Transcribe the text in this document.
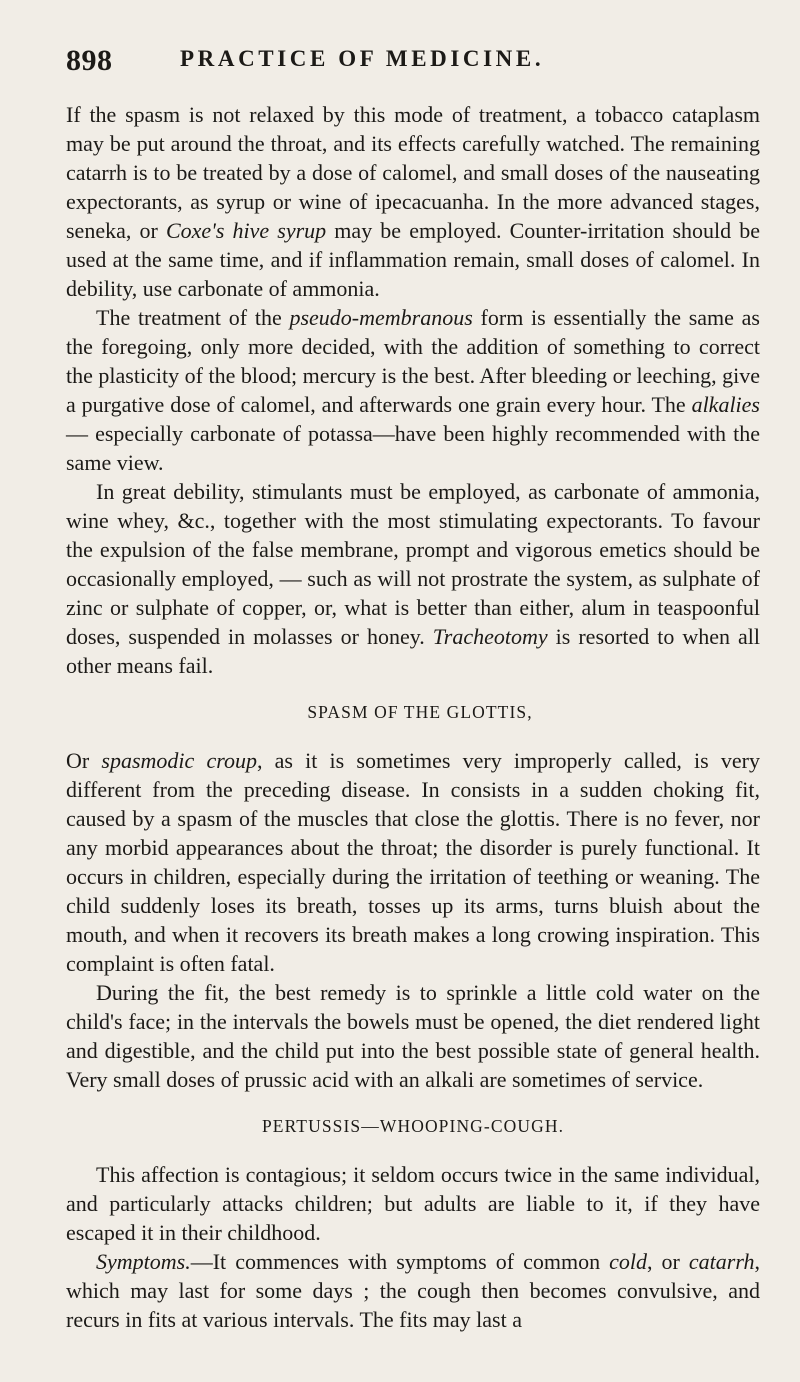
898	PRACTICE OF MEDICINE.

If the spasm is not relaxed by this mode of treatment, a tobacco cataplasm may be put around the throat, and its effects carefully watched. The remaining catarrh is to be treated by a dose of calomel, and small doses of the nauseating expectorants, as syrup or wine of ipecacuanha. In the more advanced stages, seneka, or Coxe's hive syrup may be employed. Counter-irritation should be used at the same time, and if inflammation remain, small doses of calomel. In debility, use carbonate of ammonia.

The treatment of the pseudo-membranous form is essentially the same as the foregoing, only more decided, with the addition of something to correct the plasticity of the blood; mercury is the best. After bleeding or leeching, give a purgative dose of calomel, and afterwards one grain every hour. The alkalies — especially carbonate of potassa—have been highly recommended with the same view.

In great debility, stimulants must be employed, as carbonate of ammonia, wine whey, &c., together with the most stimulating expectorants. To favour the expulsion of the false membrane, prompt and vigorous emetics should be occasionally employed, — such as will not prostrate the system, as sulphate of zinc or sulphate of copper, or, what is better than either, alum in teaspoonful doses, suspended in molasses or honey. Tracheotomy is resorted to when all other means fail.

SPASM OF THE GLOTTIS,

Or spasmodic croup, as it is sometimes very improperly called, is very different from the preceding disease. In consists in a sudden choking fit, caused by a spasm of the muscles that close the glottis. There is no fever, nor any morbid appearances about the throat; the disorder is purely functional. It occurs in children, especially during the irritation of teething or weaning. The child suddenly loses its breath, tosses up its arms, turns bluish about the mouth, and when it recovers its breath makes a long crowing inspiration. This complaint is often fatal.

During the fit, the best remedy is to sprinkle a little cold water on the child's face; in the intervals the bowels must be opened, the diet rendered light and digestible, and the child put into the best possible state of general health. Very small doses of prussic acid with an alkali are sometimes of service.

PERTUSSIS—WHOOPING-COUGH.

This affection is contagious; it seldom occurs twice in the same individual, and particularly attacks children; but adults are liable to it, if they have escaped it in their childhood.

Symptoms.—It commences with symptoms of common cold, or catarrh, which may last for some days ; the cough then becomes convulsive, and recurs in fits at various intervals. The fits may last a
